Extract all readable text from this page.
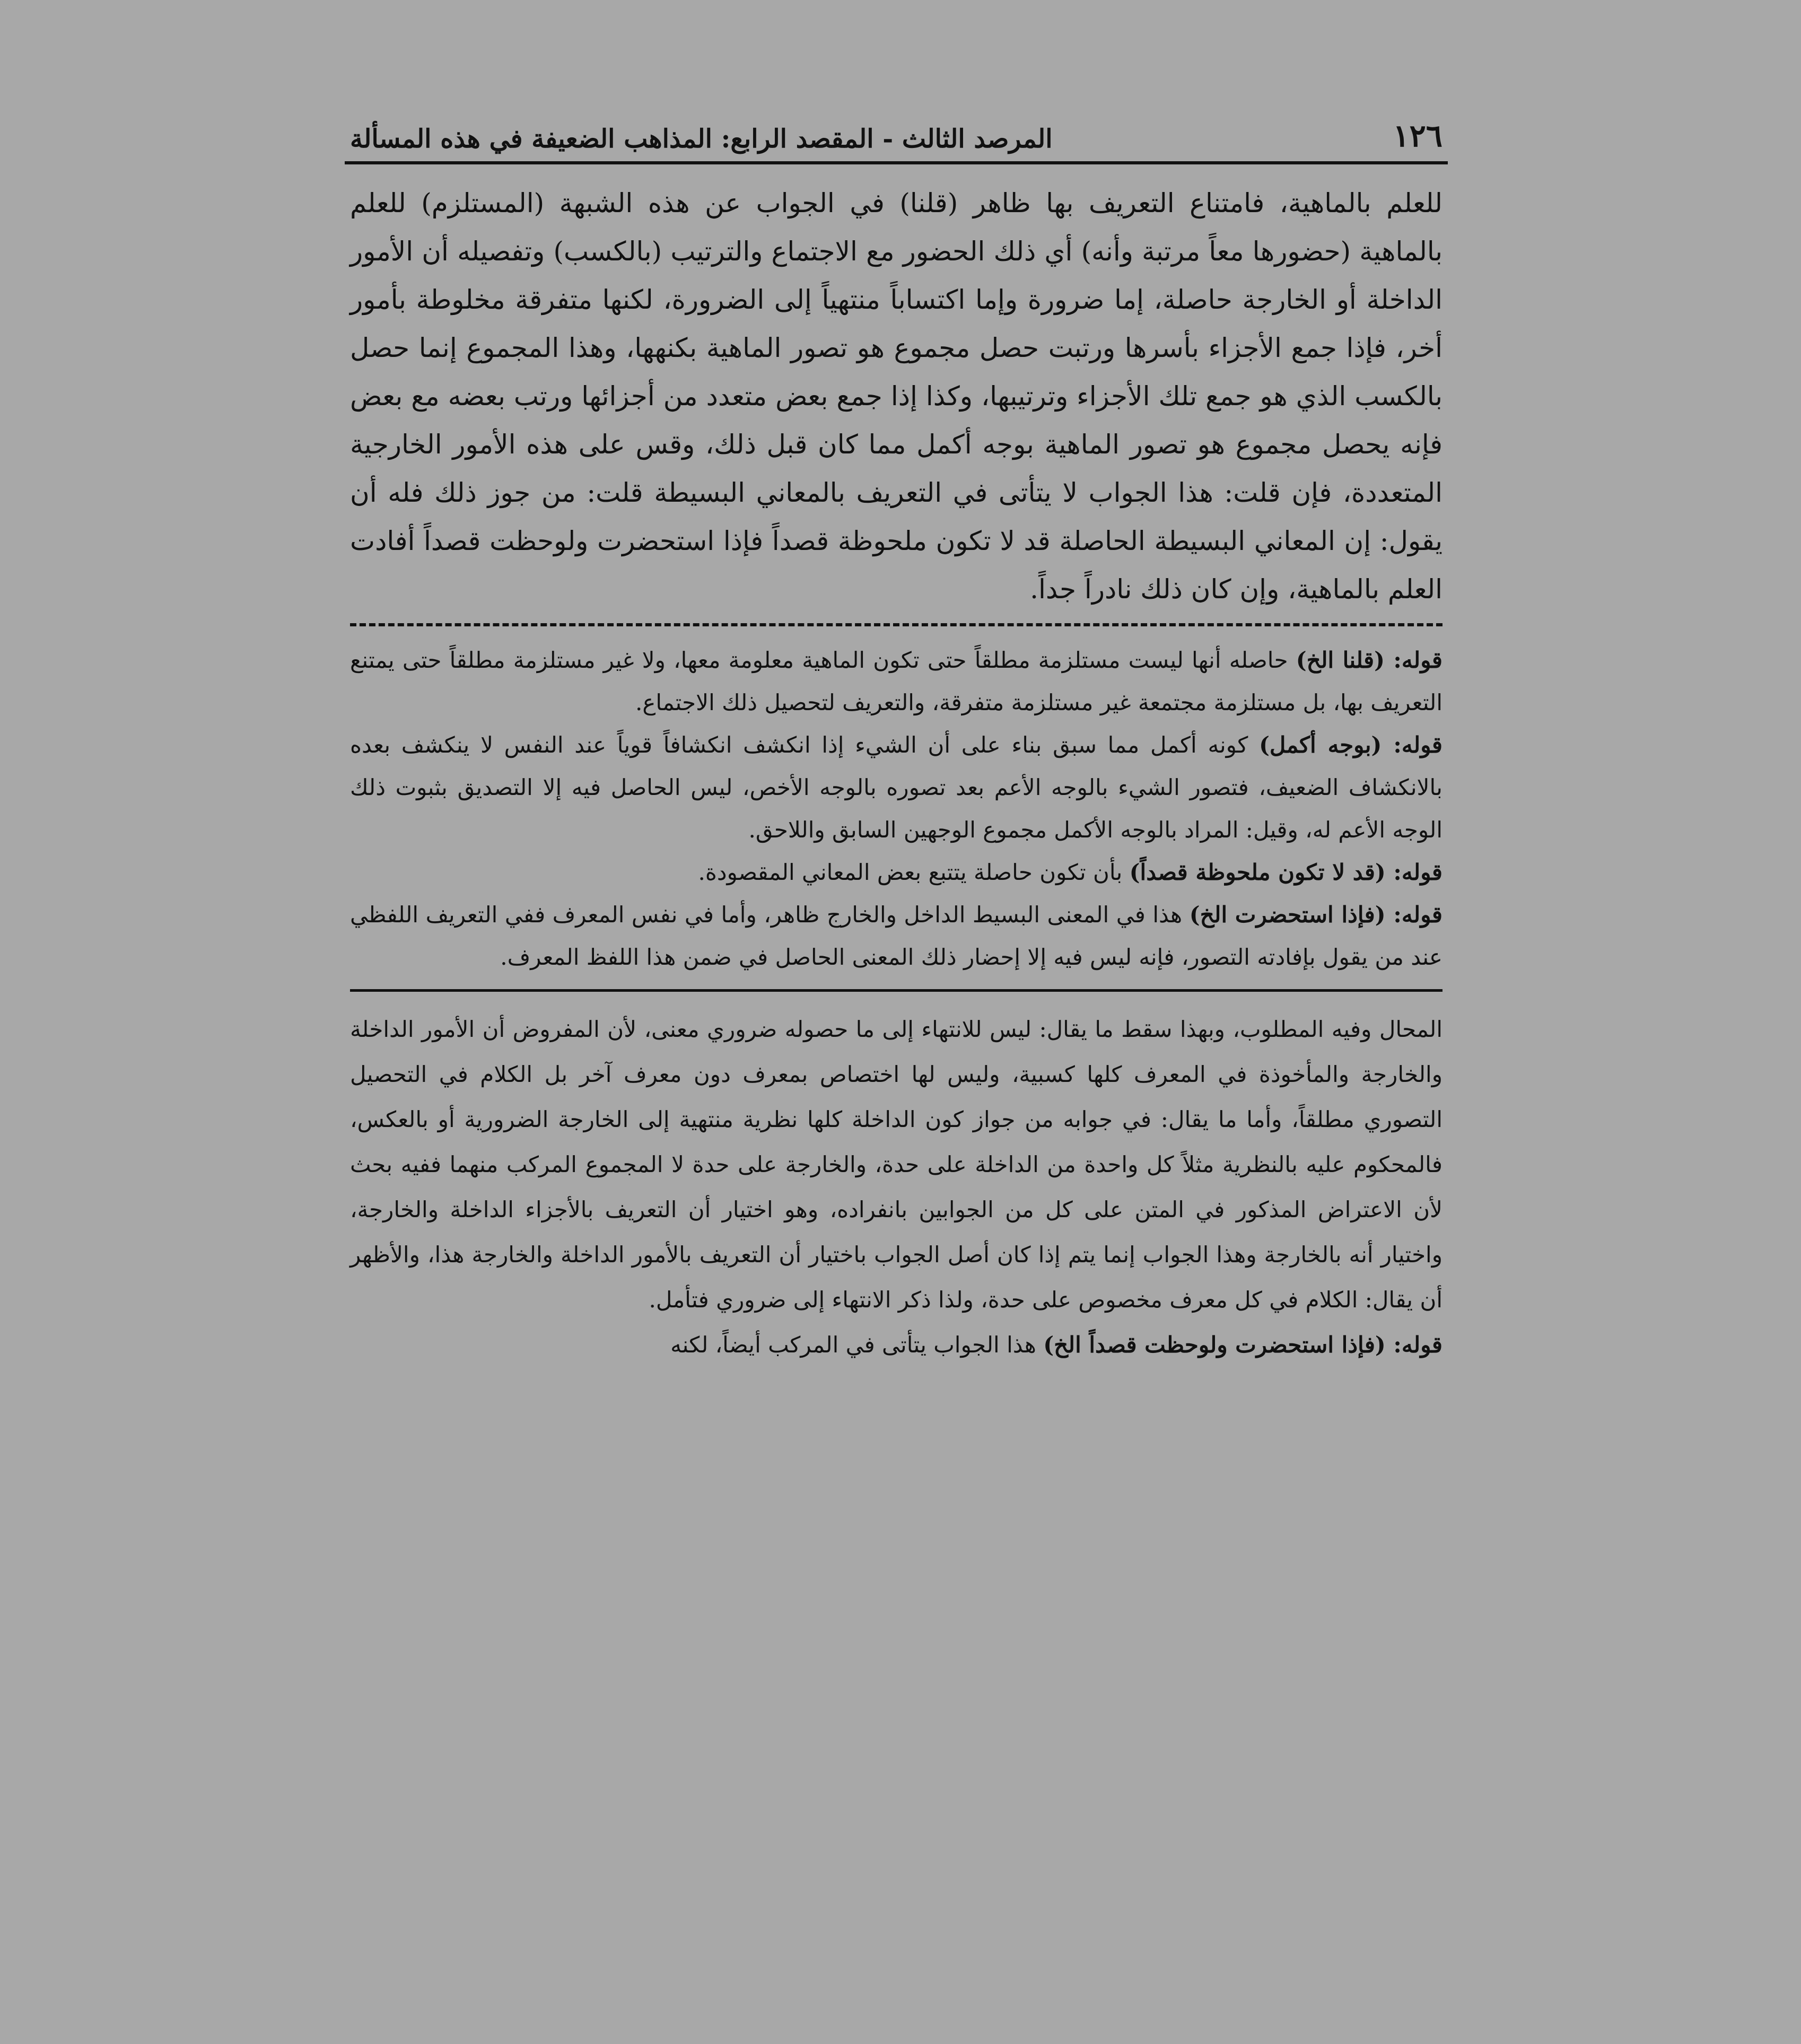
١٢٦
المرصد الثالث - المقصد الرابع: المذاهب الضعيفة في هذه المسألة

للعلم بالماهية، فامتناع التعريف بها ظاهر (قلنا) في الجواب عن هذه الشبهة (المستلزم) للعلم بالماهية (حضورها معاً مرتبة وأنه) أي ذلك الحضور مع الاجتماع والترتيب (بالكسب) وتفصيله أن الأمور الداخلة أو الخارجة حاصلة، إما ضرورة وإما اكتساباً منتهياً إلى الضرورة، لكنها متفرقة مخلوطة بأمور أخر، فإذا جمع الأجزاء بأسرها ورتبت حصل مجموع هو تصور الماهية بكنهها، وهذا المجموع إنما حصل بالكسب الذي هو جمع تلك الأجزاء وترتيبها، وكذا إذا جمع بعض متعدد من أجزائها ورتب بعضه مع بعض فإنه يحصل مجموع هو تصور الماهية بوجه أكمل مما كان قبل ذلك، وقس على هذه الأمور الخارجية المتعددة، فإن قلت: هذا الجواب لا يتأتى في التعريف بالمعاني البسيطة قلت: من جوز ذلك فله أن يقول: إن المعاني البسيطة الحاصلة قد لا تكون ملحوظة قصداً فإذا استحضرت ولوحظت قصداً أفادت العلم بالماهية، وإن كان ذلك نادراً جداً.

قوله: (قلنا الخ) حاصله أنها ليست مستلزمة مطلقاً حتى تكون الماهية معلومة معها، ولا غير مستلزمة مطلقاً حتى يمتنع التعريف بها، بل مستلزمة مجتمعة غير مستلزمة متفرقة، والتعريف لتحصيل ذلك الاجتماع.

قوله: (بوجه أكمل) كونه أكمل مما سبق بناء على أن الشيء إذا انكشف انكشافاً قوياً عند النفس لا ينكشف بعده بالانكشاف الضعيف، فتصور الشيء بالوجه الأعم بعد تصوره بالوجه الأخص، ليس الحاصل فيه إلا التصديق بثبوت ذلك الوجه الأعم له، وقيل: المراد بالوجه الأكمل مجموع الوجهين السابق واللاحق.

قوله: (قد لا تكون ملحوظة قصداً) بأن تكون حاصلة يتتبع بعض المعاني المقصودة.

قوله: (فإذا استحضرت الخ) هذا في المعنى البسيط الداخل والخارج ظاهر، وأما في نفس المعرف ففي التعريف اللفظي عند من يقول بإفادته التصور، فإنه ليس فيه إلا إحضار ذلك المعنى الحاصل في ضمن هذا اللفظ المعرف.

المحال وفيه المطلوب، وبهذا سقط ما يقال: ليس للانتهاء إلى ما حصوله ضروري معنى، لأن المفروض أن الأمور الداخلة والخارجة والمأخوذة في المعرف كلها كسبية، وليس لها اختصاص بمعرف دون معرف آخر بل الكلام في التحصيل التصوري مطلقاً، وأما ما يقال: في جوابه من جواز كون الداخلة كلها نظرية منتهية إلى الخارجة الضرورية أو بالعكس، فالمحكوم عليه بالنظرية مثلاً كل واحدة من الداخلة على حدة، والخارجة على حدة لا المجموع المركب منهما ففيه بحث لأن الاعتراض المذكور في المتن على كل من الجوابين بانفراده، وهو اختيار أن التعريف بالأجزاء الداخلة والخارجة، واختيار أنه بالخارجة وهذا الجواب إنما يتم إذا كان أصل الجواب باختيار أن التعريف بالأمور الداخلة والخارجة هذا، والأظهر أن يقال: الكلام في كل معرف مخصوص على حدة، ولذا ذكر الانتهاء إلى ضروري فتأمل.

قوله: (فإذا استحضرت ولوحظت قصداً الخ) هذا الجواب يتأتى في المركب أيضاً، لكنه
